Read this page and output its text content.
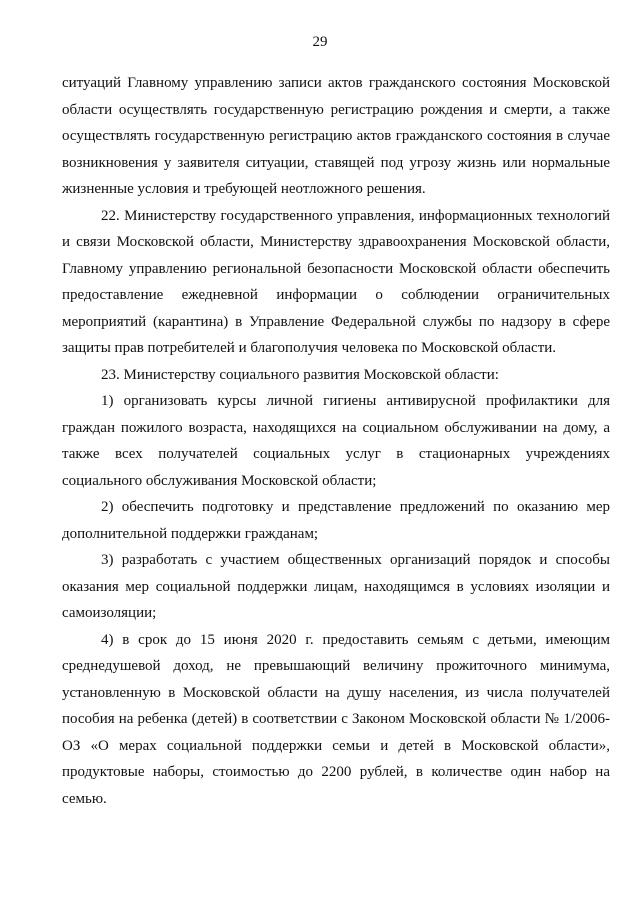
29

ситуаций Главному управлению записи актов гражданского состояния Московской области осуществлять государственную регистрацию рождения и смерти, а также осуществлять государственную регистрацию актов гражданского состояния в случае возникновения у заявителя ситуации, ставящей под угрозу жизнь или нормальные жизненные условия и требующей неотложного решения.

22. Министерству государственного управления, информационных технологий и связи Московской области, Министерству здравоохранения Московской области, Главному управлению региональной безопасности Московской области обеспечить предоставление ежедневной информации о соблюдении ограничительных мероприятий (карантина) в Управление Федеральной службы по надзору в сфере защиты прав потребителей и благополучия человека по Московской области.

23. Министерству социального развития Московской области:

1) организовать курсы личной гигиены антивирусной профилактики для граждан пожилого возраста, находящихся на социальном обслуживании на дому, а также всех получателей социальных услуг в стационарных учреждениях социального обслуживания Московской области;

2) обеспечить подготовку и представление предложений по оказанию мер дополнительной поддержки гражданам;

3) разработать с участием общественных организаций порядок и способы оказания мер социальной поддержки лицам, находящимся в условиях изоляции и самоизоляции;

4) в срок до 15 июня 2020 г. предоставить семьям с детьми, имеющим среднедушевой доход, не превышающий величину прожиточного минимума, установленную в Московской области на душу населения, из числа получателей пособия на ребенка (детей) в соответствии с Законом Московской области № 1/2006-ОЗ «О мерах социальной поддержки семьи и детей в Московской области», продуктовые наборы, стоимостью до 2200 рублей, в количестве один набор на семью.
